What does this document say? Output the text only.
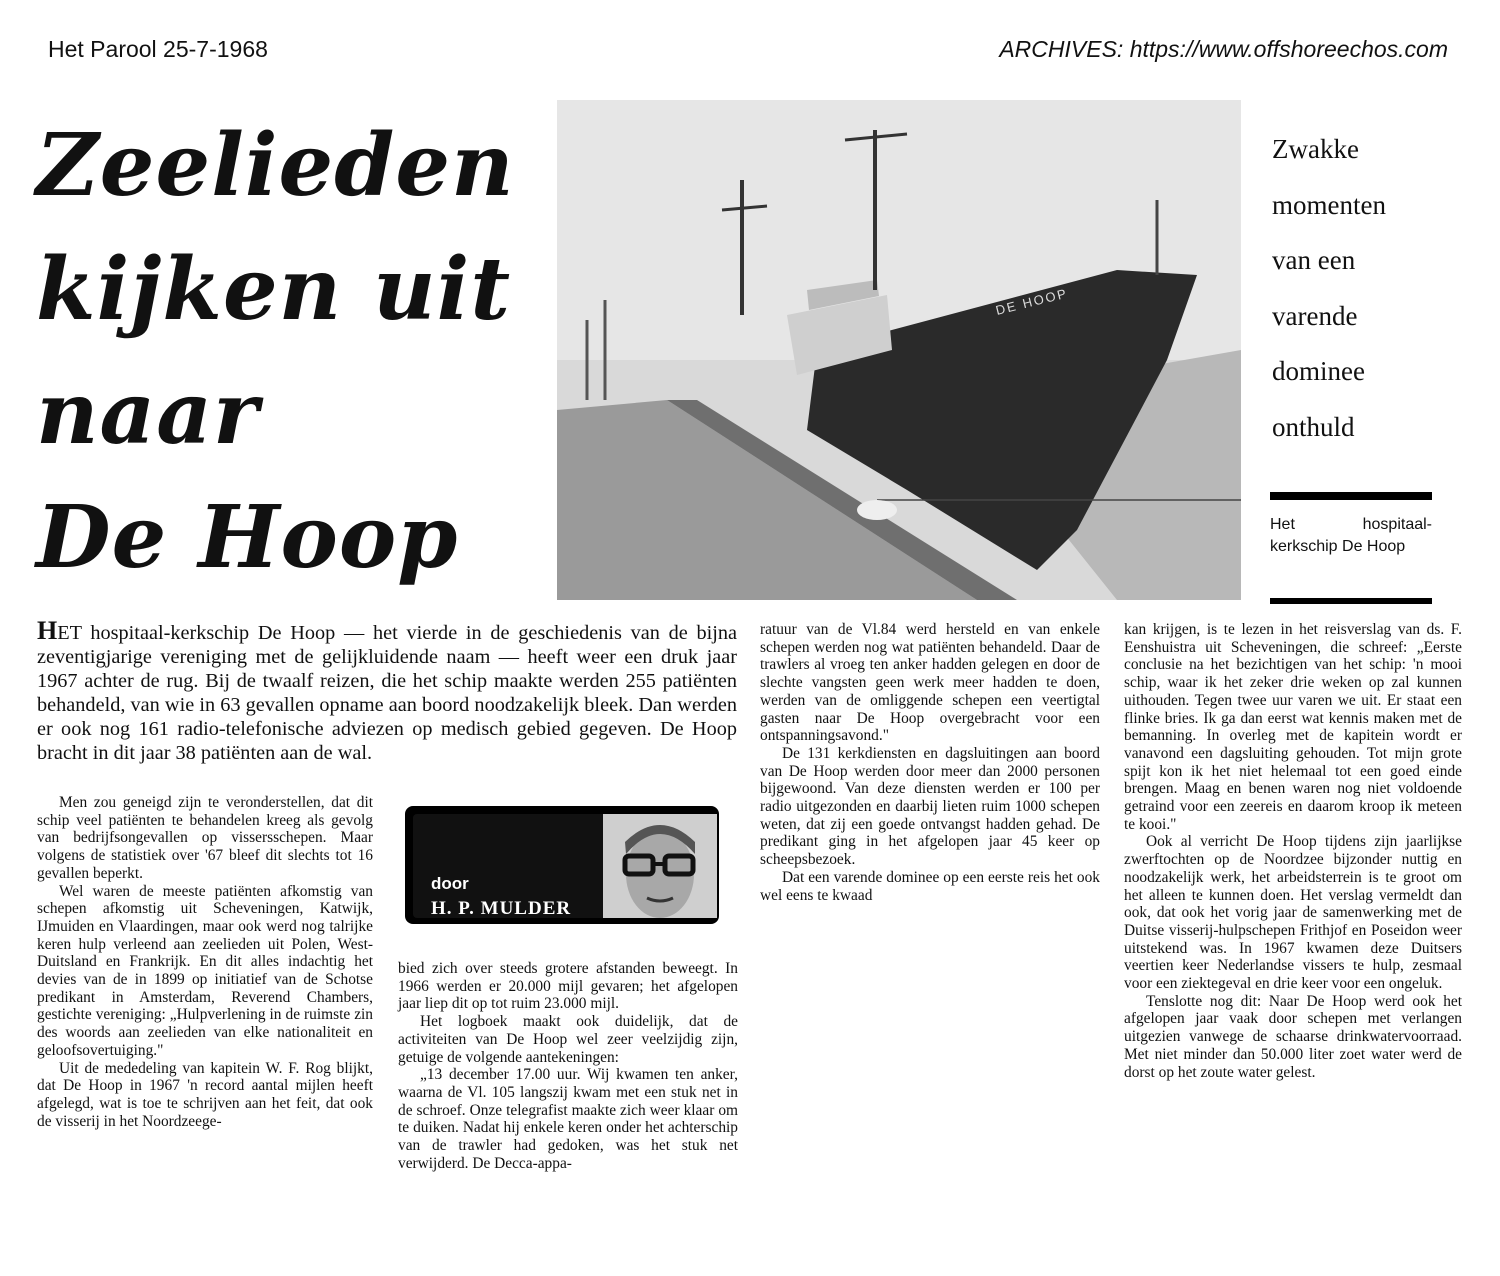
Het Parool 25-7-1968	ARCHIVES: https://www.offshoreechos.com
Zeelieden
kijken uit
naar
De Hoop
DE HOOP
Zwakke
momenten
van een
varende
dominee
onthuld
Het hospitaal-kerkschip De Hoop
HET hospitaal-kerkschip De Hoop — het vierde in de geschiedenis van de bijna zeventigjarige vereniging met de gelijkluidende naam — heeft weer een druk jaar 1967 achter de rug. Bij de twaalf reizen, die het schip maakte werden 255 patiënten behandeld, van wie in 63 gevallen opname aan boord noodzakelijk bleek. Dan werden er ook nog 161 radio-telefonische adviezen op medisch gebied gegeven. De Hoop bracht in dit jaar 38 patiënten aan de wal.

Men zou geneigd zijn te veronderstellen, dat dit schip veel patiënten te behandelen kreeg als gevolg van bedrijfsongevallen op vissersschepen. Maar volgens de statistiek over '67 bleef dit slechts tot 16 gevallen beperkt.

Wel waren de meeste patiënten afkomstig van schepen afkomstig uit Scheveningen, Katwijk, IJmuiden en Vlaardingen, maar ook werd nog talrijke keren hulp verleend aan zeelieden uit Polen, West-Duitsland en Frankrijk. En dit alles indachtig het devies van de in 1899 op initiatief van de Schotse predikant in Amsterdam, Reverend Chambers, gestichte vereniging: „Hulpverlening in de ruimste zin des woords aan zeelieden van elke nationaliteit en geloofsovertuiging."

Uit de mededeling van kapitein W. F. Rog blijkt, dat De Hoop in 1967 'n record aantal mijlen heeft afgelegd, wat is toe te schrijven aan het feit, dat ook de visserij in het Noordzeege-

door
H. P. MULDER

bied zich over steeds grotere afstanden beweegt. In 1966 werden er 20.000 mijl gevaren; het afgelopen jaar liep dit op tot ruim 23.000 mijl.

Het logboek maakt ook duidelijk, dat de activiteiten van De Hoop wel zeer veelzijdig zijn, getuige de volgende aantekeningen:

„13 december 17.00 uur. Wij kwamen ten anker, waarna de Vl. 105 langszij kwam met een stuk net in de schroef. Onze telegrafist maakte zich weer klaar om te duiken. Nadat hij enkele keren onder het achterschip van de trawler had gedoken, was het stuk net verwijderd. De Decca-appa-

ratuur van de Vl.84 werd hersteld en van enkele schepen werden nog wat patiënten behandeld. Daar de trawlers al vroeg ten anker hadden gelegen en door de slechte vangsten geen werk meer hadden te doen, werden van de omliggende schepen een veertigtal gasten naar De Hoop overgebracht voor een ontspanningsavond."

De 131 kerkdiensten en dagsluitingen aan boord van De Hoop werden door meer dan 2000 personen bijgewoond. Van deze diensten werden er 100 per radio uitgezonden en daarbij lieten ruim 1000 schepen weten, dat zij een goede ontvangst hadden gehad. De predikant ging in het afgelopen jaar 45 keer op scheepsbezoek.

Dat een varende dominee op een eerste reis het ook wel eens te kwaad

kan krijgen, is te lezen in het reisverslag van ds. F. Eenshuistra uit Scheveningen, die schreef: „Eerste conclusie na het bezichtigen van het schip: 'n mooi schip, waar ik het zeker drie weken op zal kunnen uithouden. Tegen twee uur varen we uit. Er staat een flinke bries. Ik ga dan eerst wat kennis maken met de bemanning. In overleg met de kapitein wordt er vanavond een dagsluiting gehouden. Tot mijn grote spijt kon ik het niet helemaal tot een goed einde brengen. Maag en benen waren nog niet voldoende getraind voor een zeereis en daarom kroop ik meteen te kooi."

Ook al verricht De Hoop tijdens zijn jaarlijkse zwerftochten op de Noordzee bijzonder nuttig en noodzakelijk werk, het arbeidsterrein is te groot om het alleen te kunnen doen. Het verslag vermeldt dan ook, dat ook het vorig jaar de samenwerking met de Duitse visserij-hulpschepen Frithjof en Poseidon weer uitstekend was. In 1967 kwamen deze Duitsers veertien keer Nederlandse vissers te hulp, zesmaal voor een ziektegeval en drie keer voor een ongeluk.

Tenslotte nog dit: Naar De Hoop werd ook het afgelopen jaar vaak door schepen met verlangen uitgezien vanwege de schaarse drinkwatervoorraad. Met niet minder dan 50.000 liter zoet water werd de dorst op het zoute water gelest.
